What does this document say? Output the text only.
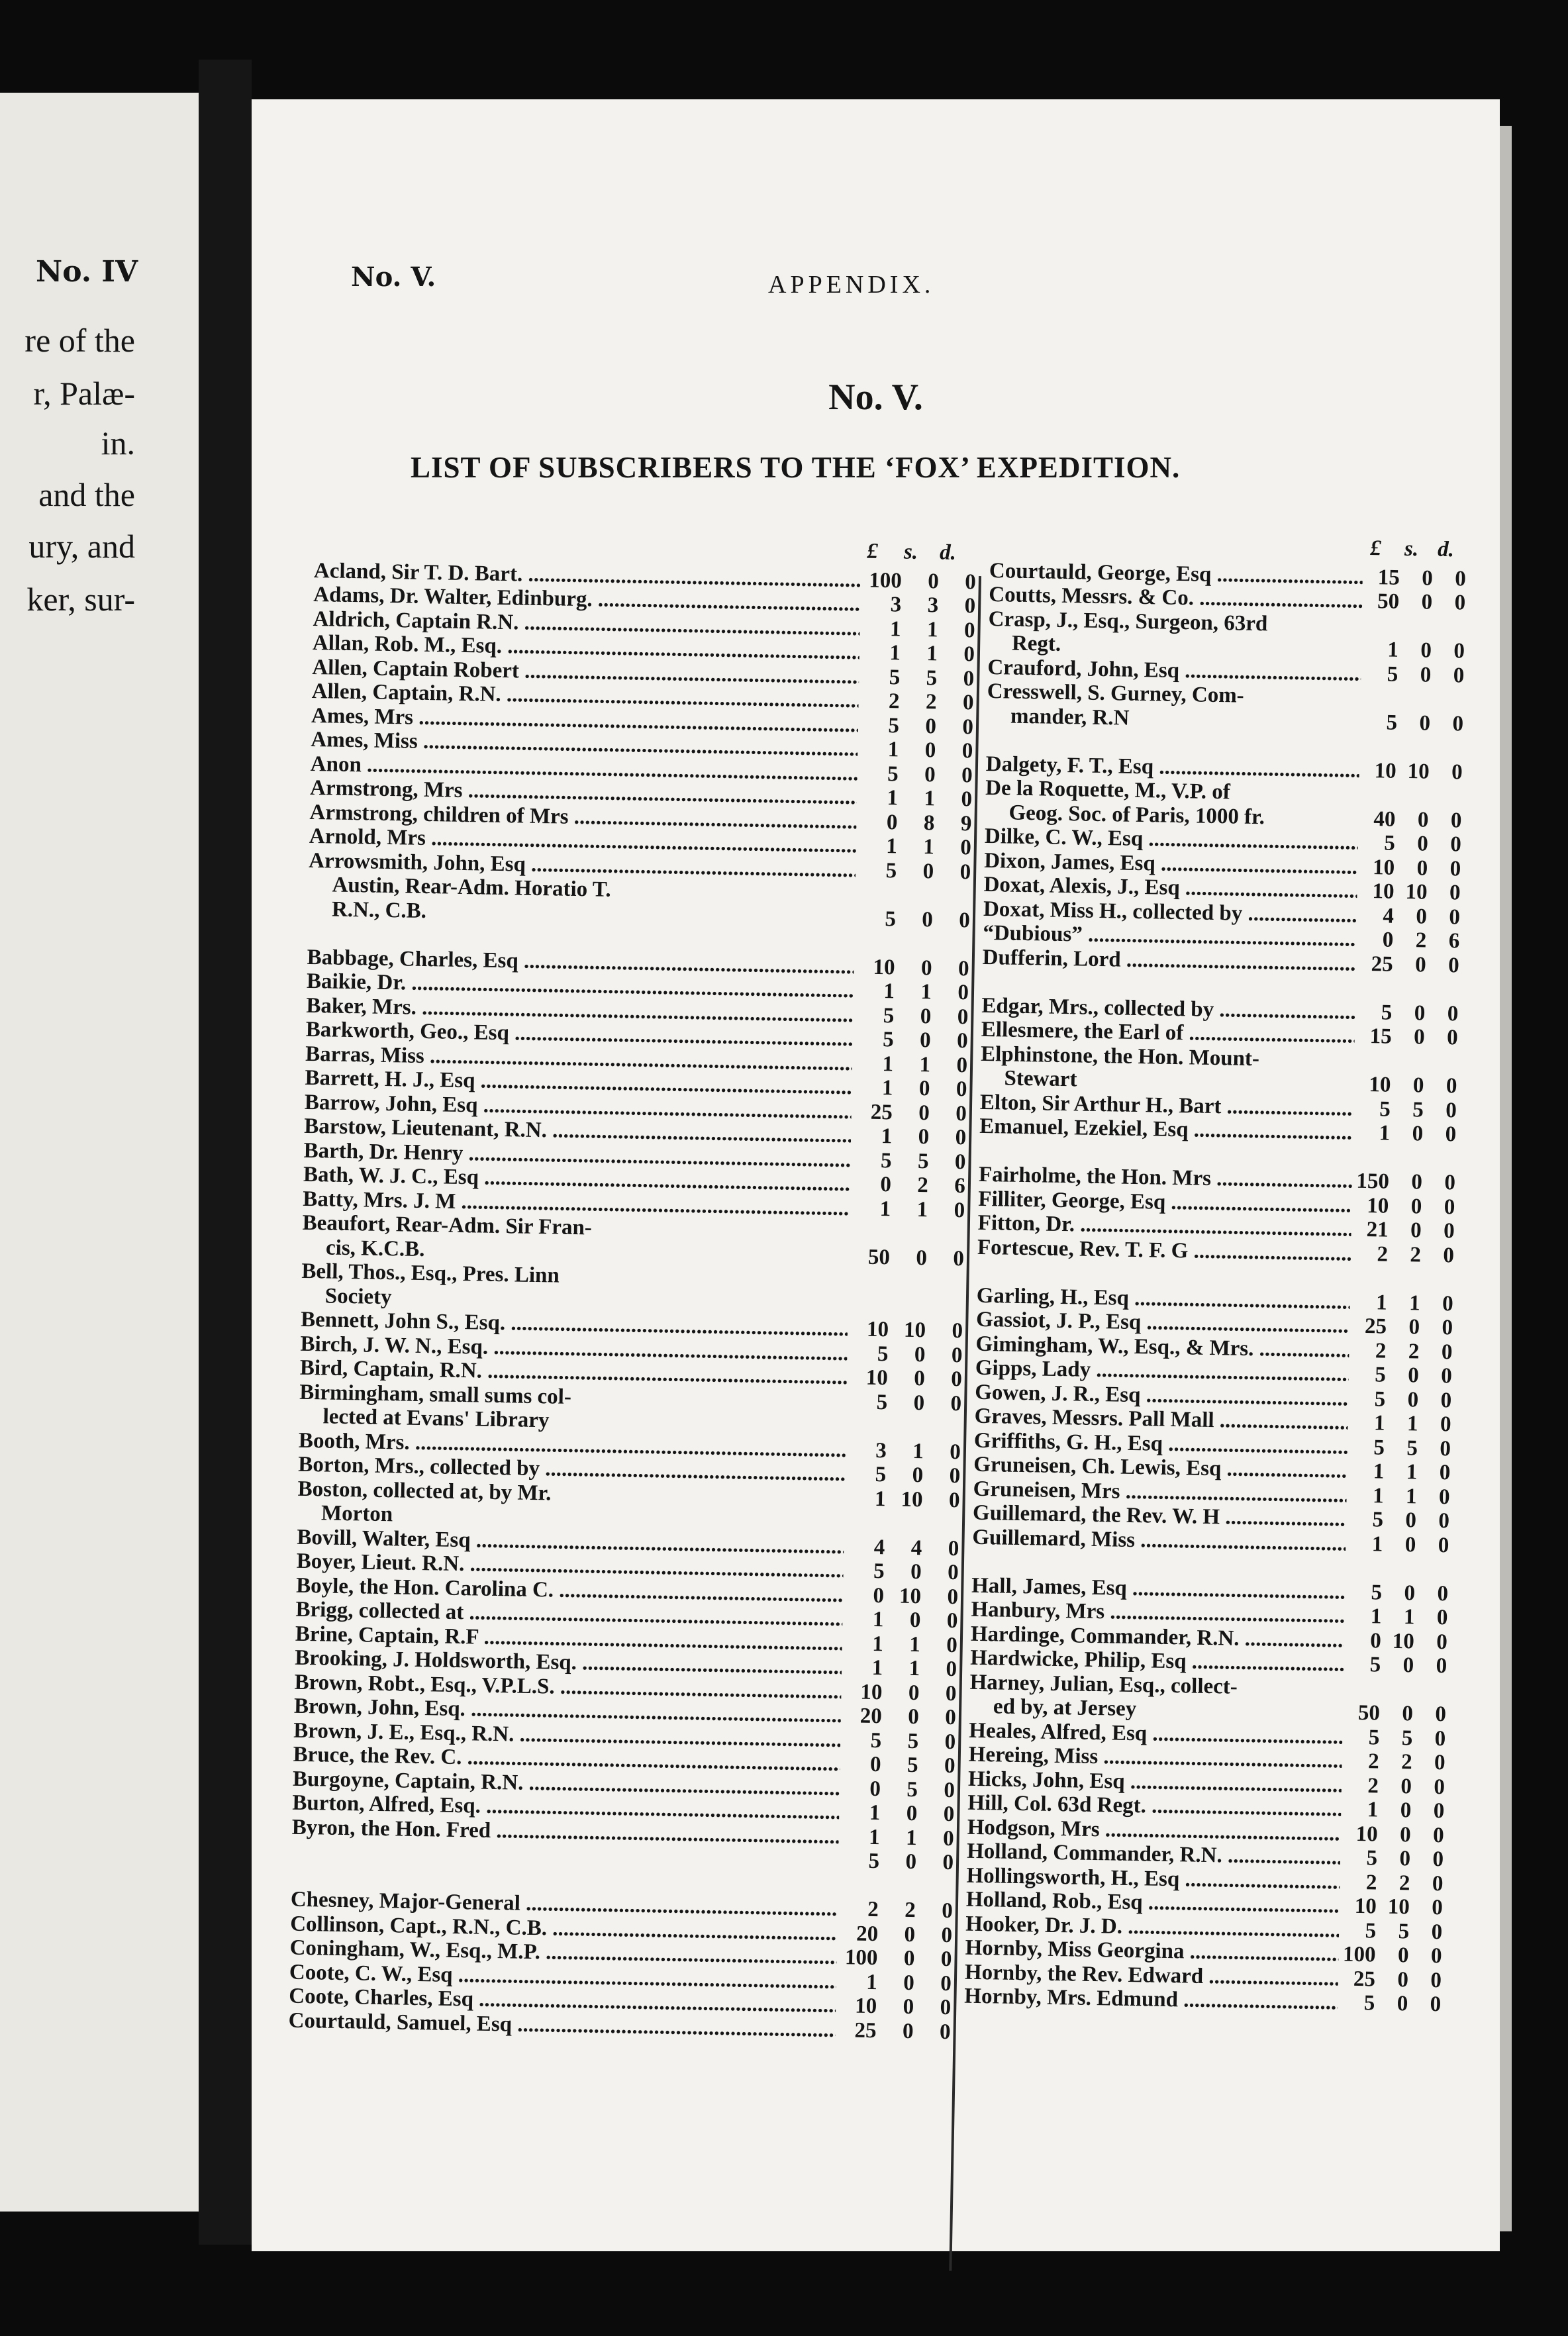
No. IV
re of the
r, Palæ-
in.
and the
ury, and
ker, sur-
No. V.	APPENDIX.
No. V.
LIST OF SUBSCRIBERS TO THE ‘FOX’ EXPEDITION.
£	s. d.
Acland, Sir T. D. Bart. .....	100	0	0
Adams, Dr. Walter, Edinburg. .....	3	3	0
Aldrich, Captain R.N. .....	1	1	0
Allan, Rob. M., Esq. .....	1	1	0
Allen, Captain Robert .....	5	5	0
Allen, Captain, R.N. .....	2	2	0
Ames, Mrs .....	5	0	0
Ames, Miss .....	1	0	0
Anon .....	5	0	0
Armstrong, Mrs .....	1	1	0
Armstrong, children of Mrs .....	0	8	9
Arnold, Mrs .....	1	1	0
Arrowsmith, John, Esq .....	5	0	0
Austin, Rear-Adm. Horatio T.
R.N., C.B.	5	0	0
Babbage, Charles, Esq .....	10	0	0
Baikie, Dr. .....	1	1	0
Baker, Mrs. .....	5	0	0
Barkworth, Geo., Esq .....	5	0	0
Barras, Miss .....	1	1	0
Barrett, H. J., Esq .....	1	0	0
Barrow, John, Esq .....	25	0	0
Barstow, Lieutenant, R.N. .....	1	0	0
Barth, Dr. Henry .....	5	5	0
Bath, W. J. C., Esq .....	0	2	6
Batty, Mrs. J. M .....	1	1	0
Beaufort, Rear-Adm. Sir Fran-
cis, K.C.B.	50	0	0
Bell, Thos., Esq., Pres. Linn
Society
Bennett, John S., Esq. .....	10 10	0
Birch, J. W. N., Esq. .....	5	0	0
Bird, Captain, R.N. .....	10	0	0
Birmingham, small sums col-	5	0	0
lected at Evans' Library
Booth, Mrs. .....	3	1	0
Borton, Mrs., collected by .....	5	0	0
Boston, collected at, by Mr.	1 10	0
Morton
Bovill, Walter, Esq .....	4	4	0
Boyer, Lieut. R.N. .....	5	0	0
Boyle, the Hon. Carolina C. .....	0 10	0
Brigg, collected at .....	1	0	0
Brine, Captain, R.F .....	1	1	0
Brooking, J. Holdsworth, Esq. .....	1	1	0
Brown, Robt., Esq., V.P.L.S. .....	10	0	0
Brown, John, Esq. .....	20	0	0
Brown, J. E., Esq., R.N. .....	5	5	0
Bruce, the Rev. C. .....	0	5	0
Burgoyne, Captain, R.N. .....	0	5	0
Burton, Alfred, Esq. .....	1	0	0
Byron, the Hon. Fred .....	1	1	0
5	0	0
Chesney, Major-General .....	2	2	0
Collinson, Capt., R.N., C.B. .....	20	0	0
Coningham, W., Esq., M.P. .....	100	0	0
Coote, C. W., Esq .....	1	0	0
Coote, Charles, Esq .....	10	0	0
Courtauld, Samuel, Esq .....	25	0	0
£	s. d.
Courtauld, George, Esq .....	15 0 0
Coutts, Messrs. & Co. .....	50 0 0
Crasp, J., Esq., Surgeon, 63rd
Regt.	1 0 0
Crauford, John, Esq .....	5 0 0
Cresswell, S. Gurney, Com-
mander, R.N	5 0 0
Dalgety, F. T., Esq .....	10 10 0
De la Roquette, M., V.P. of
Geog. Soc. of Paris, 1000 fr.	40 0 0
Dilke, C. W., Esq .....	5 0 0
Dixon, James, Esq .....	10 0 0
Doxat, Alexis, J., Esq .....	10 10 0
Doxat, Miss H., collected by .....	4 0 0
“Dubious” .....	0 2 6
Dufferin, Lord .....	25 0 0
Edgar, Mrs., collected by .....	5 0 0
Ellesmere, the Earl of .....	15 0 0
Elphinstone, the Hon. Mount-
Stewart	10 0 0
Elton, Sir Arthur H., Bart .....	5 5 0
Emanuel, Ezekiel, Esq .....	1 0 0
Fairholme, the Hon. Mrs .....	150 0 0
Filliter, George, Esq .....	10 0 0
Fitton, Dr. .....	21 0 0
Fortescue, Rev. T. F. G .....	2 2 0
Garling, H., Esq .....	1 1 0
Gassiot, J. P., Esq .....	25 0 0
Gimingham, W., Esq., & Mrs. .....	2 2 0
Gipps, Lady .....	5 0 0
Gowen, J. R., Esq .....	5 0 0
Graves, Messrs. Pall Mall .....	1 1 0
Griffiths, G. H., Esq .....	5 5 0
Gruneisen, Ch. Lewis, Esq .....	1 1 0
Gruneisen, Mrs .....	1 1 0
Guillemard, the Rev. W. H .....	5 0 0
Guillemard, Miss .....	1 0 0
Hall, James, Esq .....	5 0 0
Hanbury, Mrs .....	1 1 0
Hardinge, Commander, R.N. .....	0 10 0
Hardwicke, Philip, Esq .....	5 0 0
Harney, Julian, Esq., collect-
ed by, at Jersey	50 0 0
Heales, Alfred, Esq .....	5 5 0
Hereing, Miss .....	2 2 0
Hicks, John, Esq .....	2 0 0
Hill, Col. 63d Regt. .....	1 0 0
Hodgson, Mrs .....	10 0 0
Holland, Commander, R.N. .....	5 0 0
Hollingsworth, H., Esq .....	2 2 0
Holland, Rob., Esq .....	10 10 0
Hooker, Dr. J. D. .....	5 5 0
Hornby, Miss Georgina .....	100 0 0
Hornby, the Rev. Edward .....	25 0 0
Hornby, Mrs. Edmund .....	5 0 0
